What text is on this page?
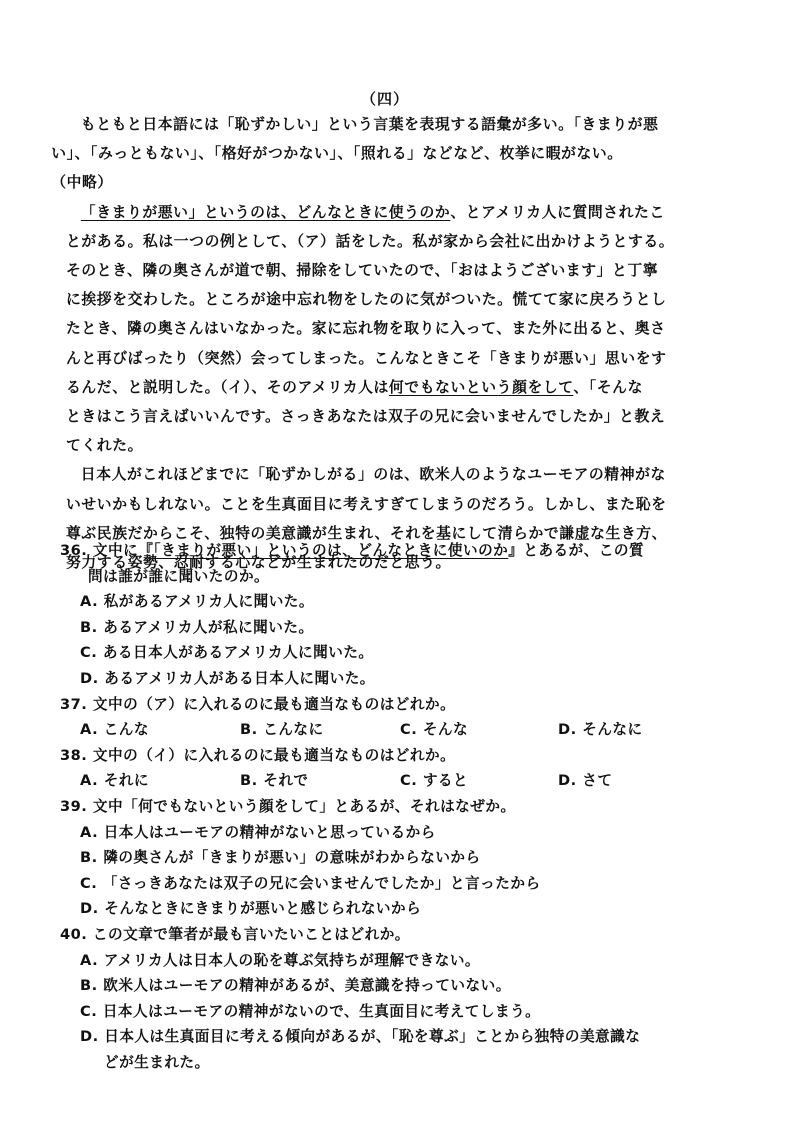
（四）

もともと日本語には「恥ずかしい」という言葉を表現する語彙が多い。「きまりが悪
い」、「みっともない」、「格好がつかない」、「照れる」などなど、枚挙に暇がない。
（中略）

「きまりが悪い」というのは、どんなときに使うのか、とアメリカ人に質問されたこ
とがある。私は一つの例として、（ア）話をした。私が家から会社に出かけようとする。
そのとき、隣の奥さんが道で朝、掃除をしていたので、「おはようございます」と丁寧
に挨拶を交わした。ところが途中忘れ物をしたのに気がついた。慌てて家に戻ろうとし
たとき、隣の奥さんはいなかった。家に忘れ物を取りに入って、また外に出ると、奥さ
んと再びばったり（突然）会ってしまった。こんなときこそ「きまりが悪い」思いをす
るんだ、と説明した。（イ）、そのアメリカ人は何でもないという顔をして、「そんな
ときはこう言えばいいんです。さっきあなたは双子の兄に会いませんでしたか」と教え
てくれた。

日本人がこれほどまでに「恥ずかしがる」のは、欧米人のようなユーモアの精神がな
いせいかもしれない。ことを生真面目に考えすぎてしまうのだろう。しかし、また恥を
尊ぶ民族だからこそ、独特の美意識が生まれ、それを基にして清らかで謙虚な生き方、
努力する姿勢、忍耐する心などが生まれたのだと思う。

36. 文中に『「きまりが悪い」というのは、どんなときに使いのか』とあるが、この質
問は誰が誰に聞いたのか。
A. 私があるアメリカ人に聞いた。
B. あるアメリカ人が私に聞いた。
C. ある日本人があるアメリカ人に聞いた。
D. あるアメリカ人がある日本人に聞いた。
37. 文中の（ア）に入れるのに最も適当なものはどれか。
A. こんな	B. こんなに	C. そんな	D. そんなに
38. 文中の（イ）に入れるのに最も適当なものはどれか。
A. それに	B. それで	C. すると	D. さて
39. 文中「何でもないという顔をして」とあるが、それはなぜか。
A. 日本人はユーモアの精神がないと思っているから
B. 隣の奥さんが「きまりが悪い」の意味がわからないから
C. 「さっきあなたは双子の兄に会いませんでしたか」と言ったから
D. そんなときにきまりが悪いと感じられないから
40. この文章で筆者が最も言いたいことはどれか。
A. アメリカ人は日本人の恥を尊ぶ気持ちが理解できない。
B. 欧米人はユーモアの精神があるが、美意識を持っていない。
C. 日本人はユーモアの精神がないので、生真面目に考えてしまう。
D. 日本人は生真面目に考える傾向があるが、「恥を尊ぶ」ことから独特の美意識な
どが生まれた。
